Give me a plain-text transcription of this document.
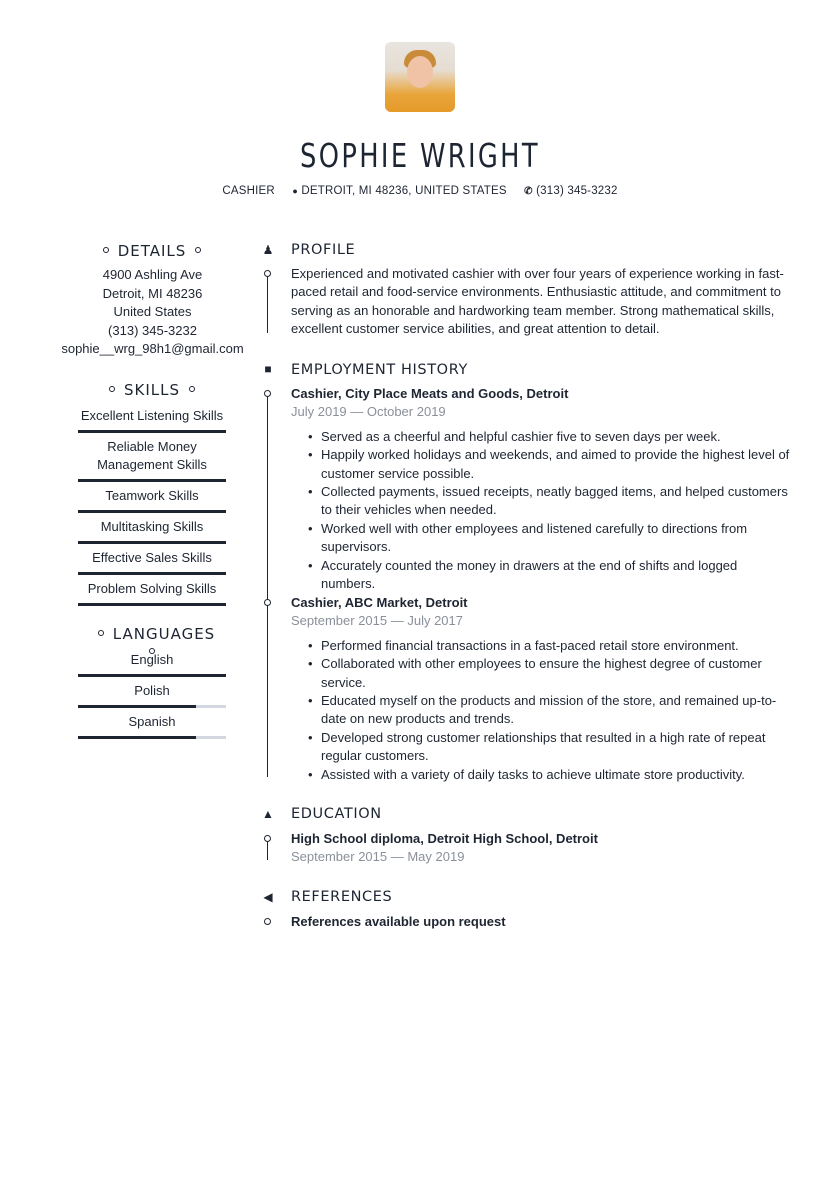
SOPHIE WRIGHT
CASHIER ● DETROIT, MI 48236, UNITED STATES ✆ (313) 345-3232
DETAILS
4900 Ashling Ave
Detroit, MI 48236
United States
(313) 345-3232
sophie__wrg_98h1@gmail.com
SKILLS
Excellent Listening Skills
Reliable Money Management Skills
Teamwork Skills
Multitasking Skills
Effective Sales Skills
Problem Solving Skills
LANGUAGES
English
Polish
Spanish
♟ PROFILE
Experienced and motivated cashier with over four years of experience working in fast-paced retail and food-service environments. Enthusiastic attitude, and commitment to serving as an honorable and hardworking team member. Strong mathematical skills, excellent customer service abilities, and great attention to detail.
■ EMPLOYMENT HISTORY
Cashier, City Place Meats and Goods, Detroit
July 2019 — October 2019
• Served as a cheerful and helpful cashier five to seven days per week.
• Happily worked holidays and weekends, and aimed to provide the highest level of customer service possible.
• Collected payments, issued receipts, neatly bagged items, and helped customers to their vehicles when needed.
• Worked well with other employees and listened carefully to directions from supervisors.
• Accurately counted the money in drawers at the end of shifts and logged numbers.
Cashier, ABC Market, Detroit
September 2015 — July 2017
• Performed financial transactions in a fast-paced retail store environment.
• Collaborated with other employees to ensure the highest degree of customer service.
• Educated myself on the products and mission of the store, and remained up-to-date on new products and trends.
• Developed strong customer relationships that resulted in a high rate of repeat regular customers.
• Assisted with a variety of daily tasks to achieve ultimate store productivity.
▲ EDUCATION
High School diploma, Detroit High School, Detroit
September 2015 — May 2019
◀ REFERENCES
References available upon request
